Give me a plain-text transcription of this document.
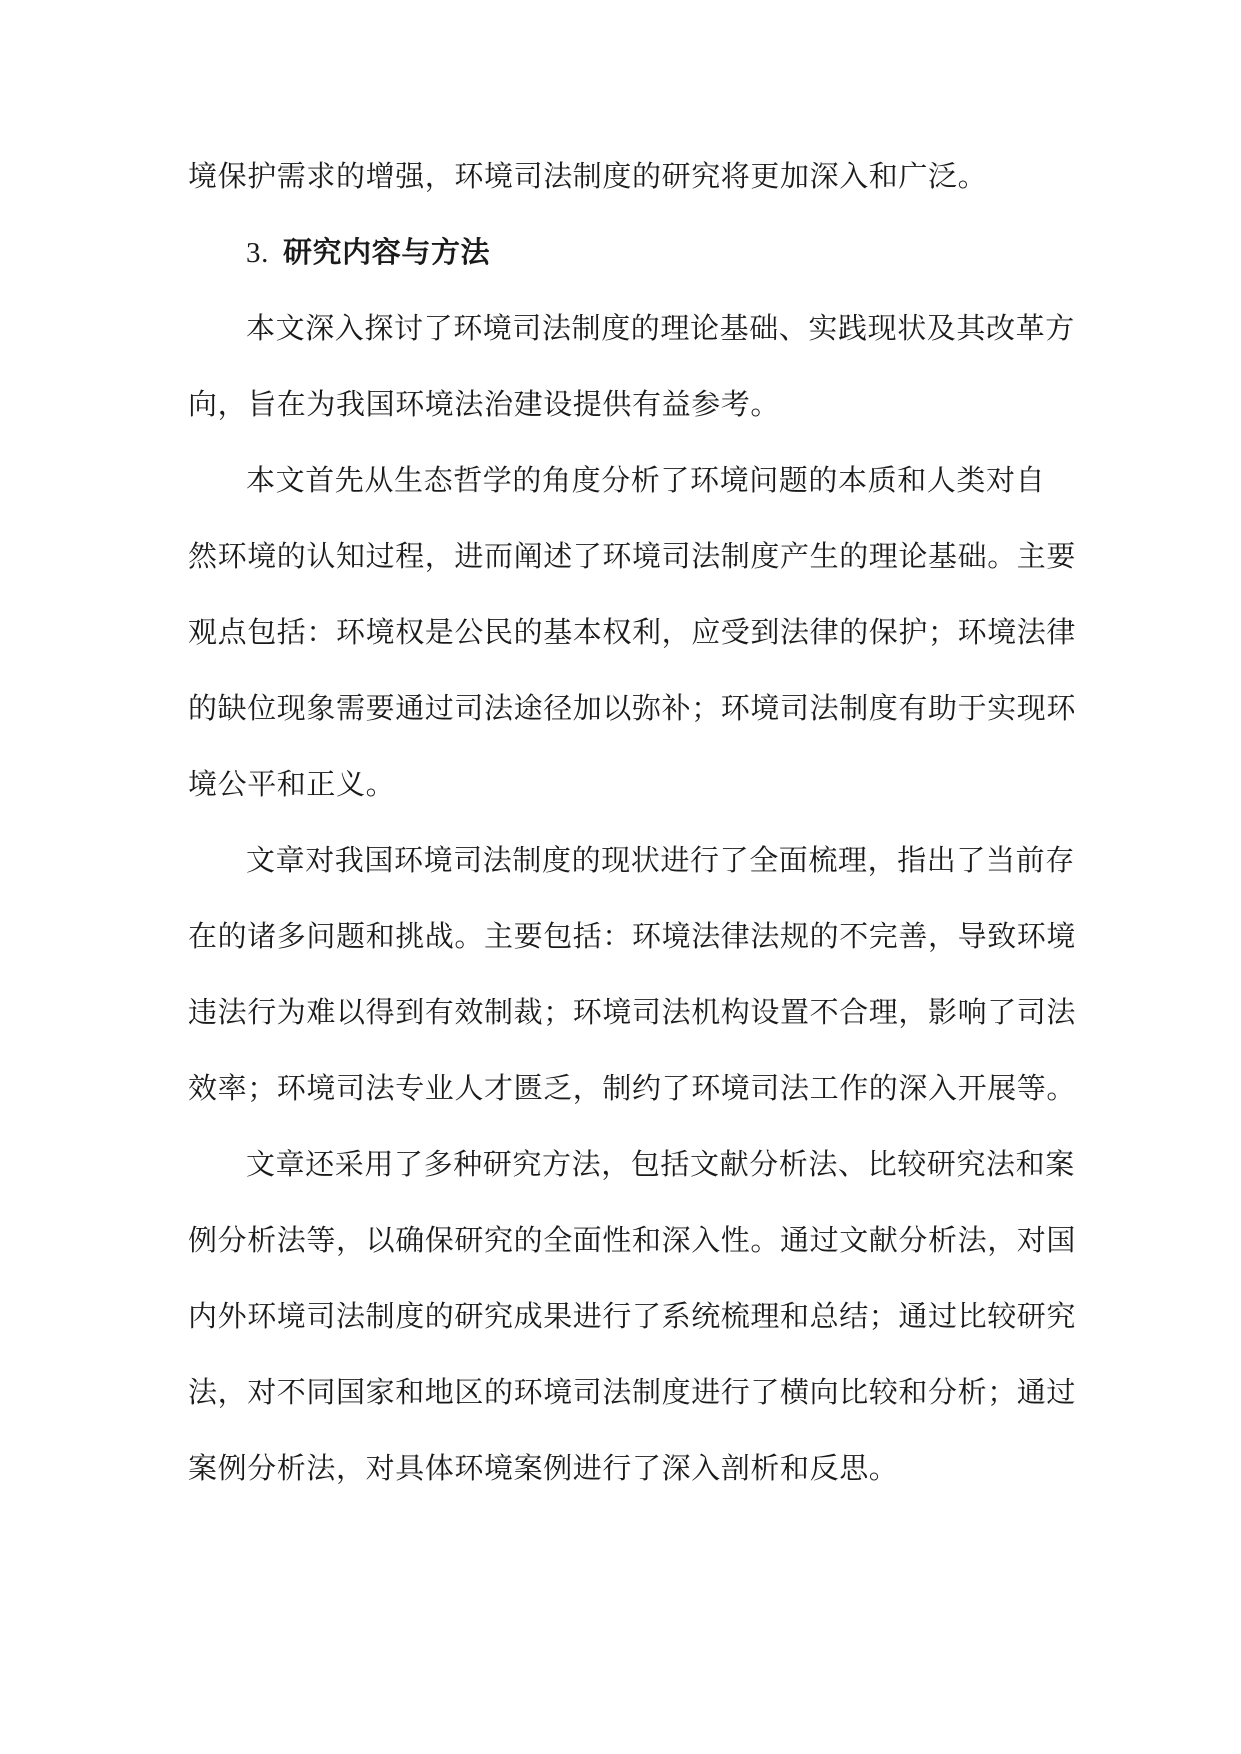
境保护需求的增强，环境司法制度的研究将更加深入和广泛。
3. 研究内容与方法
本文深入探讨了环境司法制度的理论基础、实践现状及其改革方
向，旨在为我国环境法治建设提供有益参考。
本文首先从生态哲学的角度分析了环境问题的本质和人类对自
然环境的认知过程，进而阐述了环境司法制度产生的理论基础。主要
观点包括：环境权是公民的基本权利，应受到法律的保护；环境法律
的缺位现象需要通过司法途径加以弥补；环境司法制度有助于实现环
境公平和正义。
文章对我国环境司法制度的现状进行了全面梳理，指出了当前存
在的诸多问题和挑战。主要包括：环境法律法规的不完善，导致环境
违法行为难以得到有效制裁；环境司法机构设置不合理，影响了司法
效率；环境司法专业人才匮乏，制约了环境司法工作的深入开展等。
文章还采用了多种研究方法，包括文献分析法、比较研究法和案
例分析法等，以确保研究的全面性和深入性。通过文献分析法，对国
内外环境司法制度的研究成果进行了系统梳理和总结；通过比较研究
法，对不同国家和地区的环境司法制度进行了横向比较和分析；通过
案例分析法，对具体环境案例进行了深入剖析和反思。
